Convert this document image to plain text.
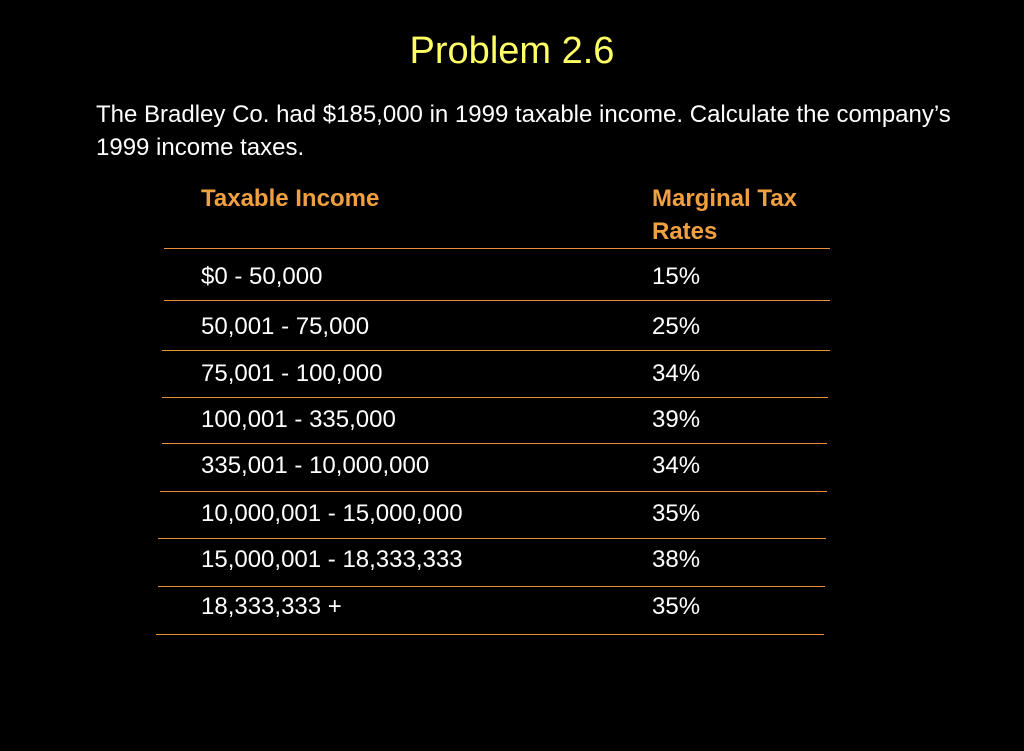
Problem 2.6
The Bradley Co. had $185,000 in 1999 taxable income. Calculate the company’s 1999 income taxes.
Taxable Income	Marginal Tax
Rates
$0 - 50,000	15%
50,001 - 75,000	25%
75,001 - 100,000	34%
100,001 - 335,000	39%
335,001 - 10,000,000	34%
10,000,001 - 15,000,000	35%
15,000,001 - 18,333,333	38%
18,333,333 +	35%
